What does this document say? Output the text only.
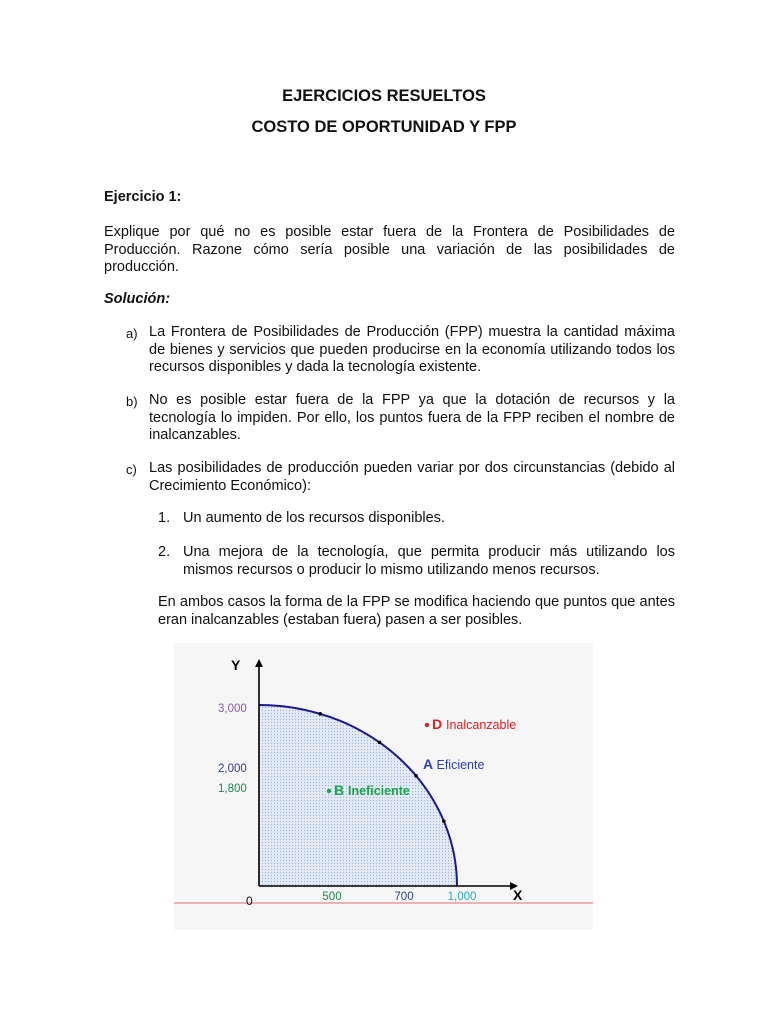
EJERCICIOS RESUELTOS
COSTO DE OPORTUNIDAD Y FPP
Ejercicio 1:
Explique por qué no es posible estar fuera de la Frontera de Posibilidades de Producción. Razone cómo sería posible una variación de las posibilidades de producción.
Solución:
a) La Frontera de Posibilidades de Producción (FPP) muestra la cantidad máxima de bienes y servicios que pueden producirse en la economía utilizando todos los recursos disponibles y dada la tecnología existente.
b) No es posible estar fuera de la FPP ya que la dotación de recursos y la tecnología lo impiden. Por ello, los puntos fuera de la FPP reciben el nombre de inalcanzables.
c) Las posibilidades de producción pueden variar por dos circunstancias (debido al Crecimiento Económico):
1. Un aumento de los recursos disponibles.
2. Una mejora de la tecnología, que permita producir más utilizando los mismos recursos o producir lo mismo utilizando menos recursos.
En ambos casos la forma de la FPP se modifica haciendo que puntos que antes eran inalcanzables (estaban fuera) pasen a ser posibles.
Y
X
0
3,000
2,000
1,800
500	700	1,000
A Eficiente
B Ineficiente
D Inalcanzable
